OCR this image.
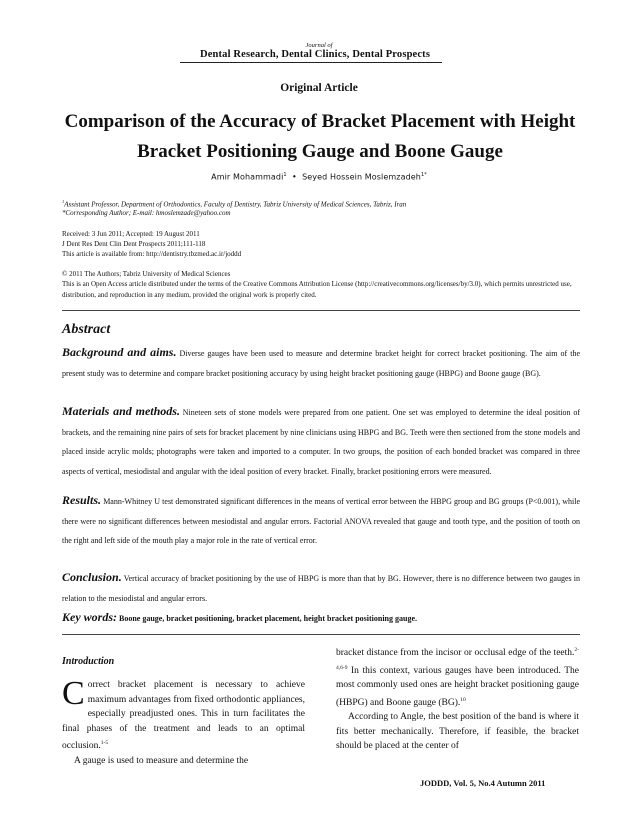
Journal of
Dental Research, Dental Clinics, Dental Prospects
Original Article
Comparison of the Accuracy of Bracket Placement with Height Bracket Positioning Gauge and Boone Gauge
Amir Mohammadi$^1$ • Seyed Hossein Moslemzadeh$^{1*}$
$^1$Assistant Professor, Department of Orthodontics, Faculty of Dentistry, Tabriz University of Medical Sciences, Tabriz, Iran
*Corresponding Author; E-mail: hmoslemzade@yahoo.com
Received: 3 Jun 2011; Accepted: 19 August 2011
J Dent Res Dent Clin Dent Prospects 2011;111-118
This article is available from: http://dentistry.tbzmed.ac.ir/joddd
© 2011 The Authors; Tabriz University of Medical Sciences
This is an Open Access article distributed under the terms of the Creative Commons Attribution License (http://creativecommons.org/licenses/by/3.0), which permits unrestricted use, distribution, and reproduction in any medium, provided the original work is properly cited.
Abstract
Background and aims. Diverse gauges have been used to measure and determine bracket height for correct bracket positioning. The aim of the present study was to determine and compare bracket positioning accuracy by using height bracket positioning gauge (HBPG) and Boone gauge (BG).
Materials and methods. Nineteen sets of stone models were prepared from one patient. One set was employed to determine the ideal position of brackets, and the remaining nine pairs of sets for bracket placement by nine clinicians using HBPG and BG. Teeth were then sectioned from the stone models and placed inside acrylic molds; photographs were taken and imported to a computer. In two groups, the position of each bonded bracket was compared in three aspects of vertical, mesiodistal and angular with the ideal position of every bracket. Finally, bracket positioning errors were measured.
Results. Mann-Whitney U test demonstrated significant differences in the means of vertical error between the HBPG group and BG groups (P<0.001), while there were no significant differences between mesiodistal and angular errors. Factorial ANOVA revealed that gauge and tooth type, and the position of tooth on the right and left side of the mouth play a major role in the rate of vertical error.
Conclusion. Vertical accuracy of bracket positioning by the use of HBPG is more than that by BG. However, there is no difference between two gauges in relation to the mesiodistal and angular errors.
Key words: Boone gauge, bracket positioning, bracket placement, height bracket positioning gauge.
Introduction
Correct bracket placement is necessary to achieve maximum advantages from fixed orthodontic appliances, especially preadjusted ones. This in turn facilitates the final phases of the treatment and leads to an optimal occlusion.$^{1-5}$
A gauge is used to measure and determine the
bracket distance from the incisor or occlusal edge of the teeth.$^{2-4,6-9}$ In this context, various gauges have been introduced. The most commonly used ones are height bracket positioning gauge (HBPG) and Boone gauge (BG).$^{10}$
According to Angle, the best position of the band is where it fits better mechanically. Therefore, if feasible, the bracket should be placed at the center of
JODDD, Vol. 5, No.4 Autumn 2011
